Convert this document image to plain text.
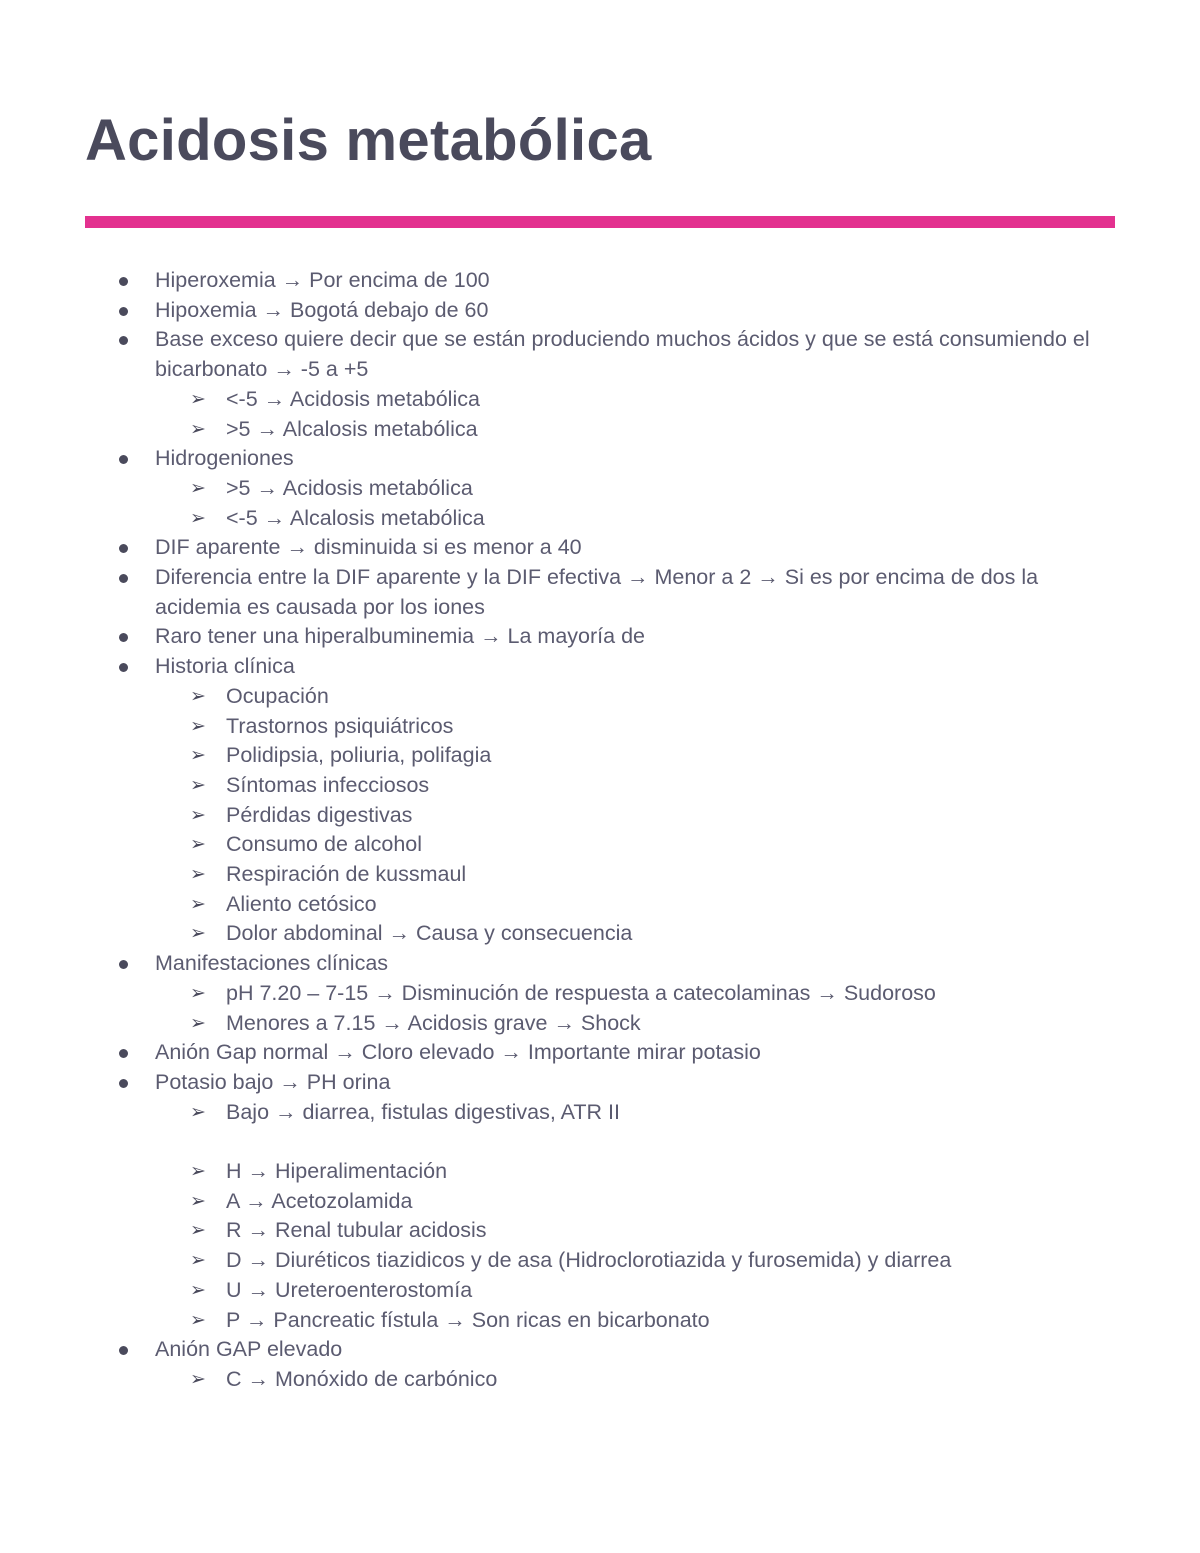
Acidosis metabólica
Hiperoxemia → Por encima de 100
Hipoxemia → Bogotá debajo de 60
Base exceso quiere decir que se están produciendo muchos ácidos y que se está consumiendo el bicarbonato → -5 a +5
➢ <-5 → Acidosis metabólica
➢ >5 → Alcalosis metabólica
Hidrogeniones
➢ >5 → Acidosis metabólica
➢ <-5 → Alcalosis metabólica
DIF aparente → disminuida si es menor a 40
Diferencia entre la DIF aparente y la DIF efectiva → Menor a 2 → Si es por encima de dos la acidemia es causada por los iones
Raro tener una hiperalbuminemia → La mayoría de
Historia clínica
➢ Ocupación
➢ Trastornos psiquiátricos
➢ Polidipsia, poliuria, polifagia
➢ Síntomas infecciosos
➢ Pérdidas digestivas
➢ Consumo de alcohol
➢ Respiración de kussmaul
➢ Aliento cetósico
➢ Dolor abdominal → Causa y consecuencia
Manifestaciones clínicas
➢ pH 7.20 – 7-15 → Disminución de respuesta a catecolaminas → Sudoroso
➢ Menores a 7.15 → Acidosis grave → Shock
Anión Gap normal → Cloro elevado → Importante mirar potasio
Potasio bajo → PH orina
➢ Bajo → diarrea, fistulas digestivas, ATR II
➢ H → Hiperalimentación
➢ A → Acetozolamida
➢ R → Renal tubular acidosis
➢ D → Diuréticos tiazidicos y de asa (Hidroclorotiazida y furosemida) y diarrea
➢ U → Ureteroenterostomía
➢ P → Pancreatic fístula → Son ricas en bicarbonato
Anión GAP elevado
➢ C → Monóxido de carbónico
